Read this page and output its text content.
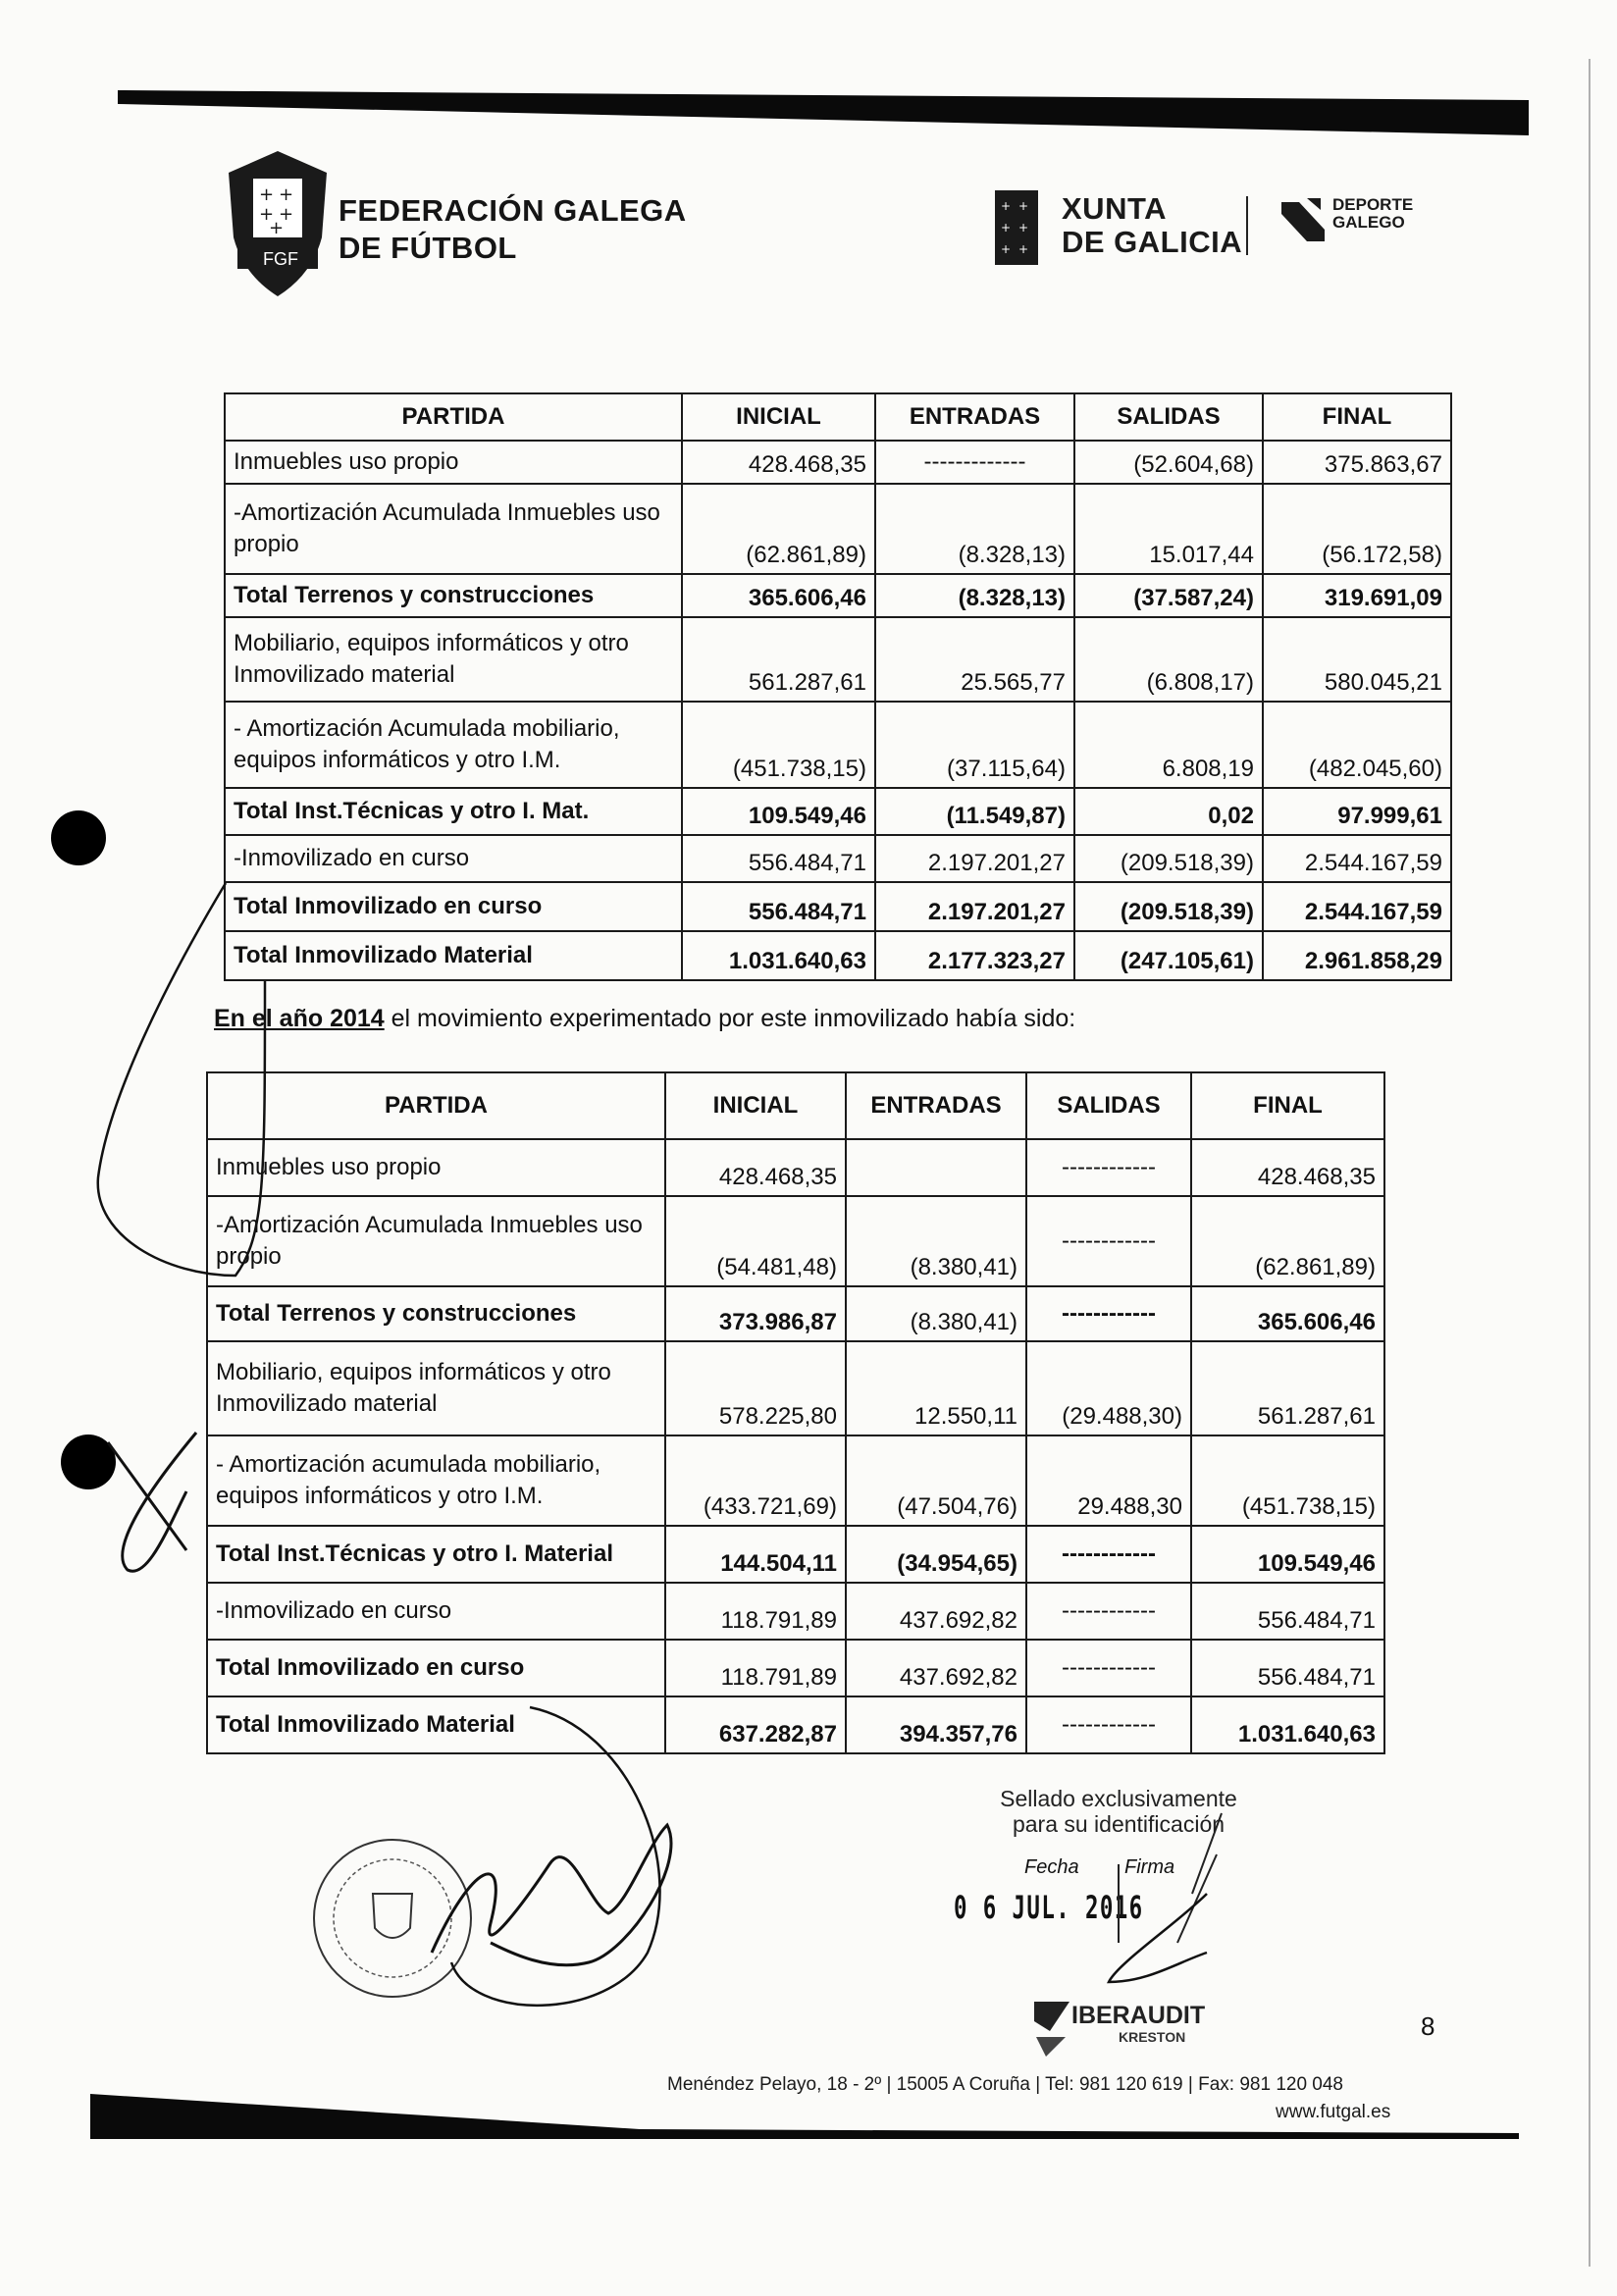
+ +
+ +
+
FGF
FEDERACIÓN GALEGA
DE FÚTBOL
+ +
+ +
+ +
XUNTA
DE GALICIA
DEPORTE
GALEGO
PARTIDA	INICIAL	ENTRADAS	SALIDAS	FINAL
Inmuebles uso propio	428.468,35	-------------	(52.604,68)	375.863,67
-Amortización Acumulada Inmuebles uso propio	(62.861,89)	(8.328,13)	15.017,44	(56.172,58)
Total Terrenos y construcciones	365.606,46	(8.328,13)	(37.587,24)	319.691,09
Mobiliario, equipos informáticos y otro Inmovilizado material	561.287,61	25.565,77	(6.808,17)	580.045,21
- Amortización Acumulada mobiliario, equipos informáticos y otro I.M.	(451.738,15)	(37.115,64)	6.808,19	(482.045,60)
Total Inst.Técnicas y otro I. Mat.	109.549,46	(11.549,87)	0,02	97.999,61
-Inmovilizado en curso	556.484,71	2.197.201,27	(209.518,39)	2.544.167,59
Total Inmovilizado en curso	556.484,71	2.197.201,27	(209.518,39)	2.544.167,59
Total Inmovilizado Material	1.031.640,63	2.177.323,27	(247.105,61)	2.961.858,29
En el año 2014 el movimiento experimentado por este inmovilizado había sido:
PARTIDA	INICIAL	ENTRADAS	SALIDAS	FINAL
Inmuebles uso propio	428.468,35		------------	428.468,35
-Amortización Acumulada Inmuebles uso propio	(54.481,48)	(8.380,41)	------------	(62.861,89)
Total Terrenos y construcciones	373.986,87	(8.380,41)	------------	365.606,46
Mobiliario, equipos informáticos y otro Inmovilizado material	578.225,80	12.550,11	(29.488,30)	561.287,61
- Amortización acumulada mobiliario, equipos informáticos y otro I.M.	(433.721,69)	(47.504,76)	29.488,30	(451.738,15)
Total Inst.Técnicas y otro I. Material	144.504,11	(34.954,65)	------------	109.549,46
-Inmovilizado en curso	118.791,89	437.692,82	------------	556.484,71
Total Inmovilizado en curso	118.791,89	437.692,82	------------	556.484,71
Total Inmovilizado Material	637.282,87	394.357,76	------------	1.031.640,63
Sellado exclusivamente
para su identificación
Fecha Firma
0 6 JUL. 2016
IBERAUDIT
KRESTON	8
Menéndez Pelayo, 18 - 2º | 15005 A Coruña | Tel: 981 120 619 | Fax: 981 120 048
www.futgal.es
